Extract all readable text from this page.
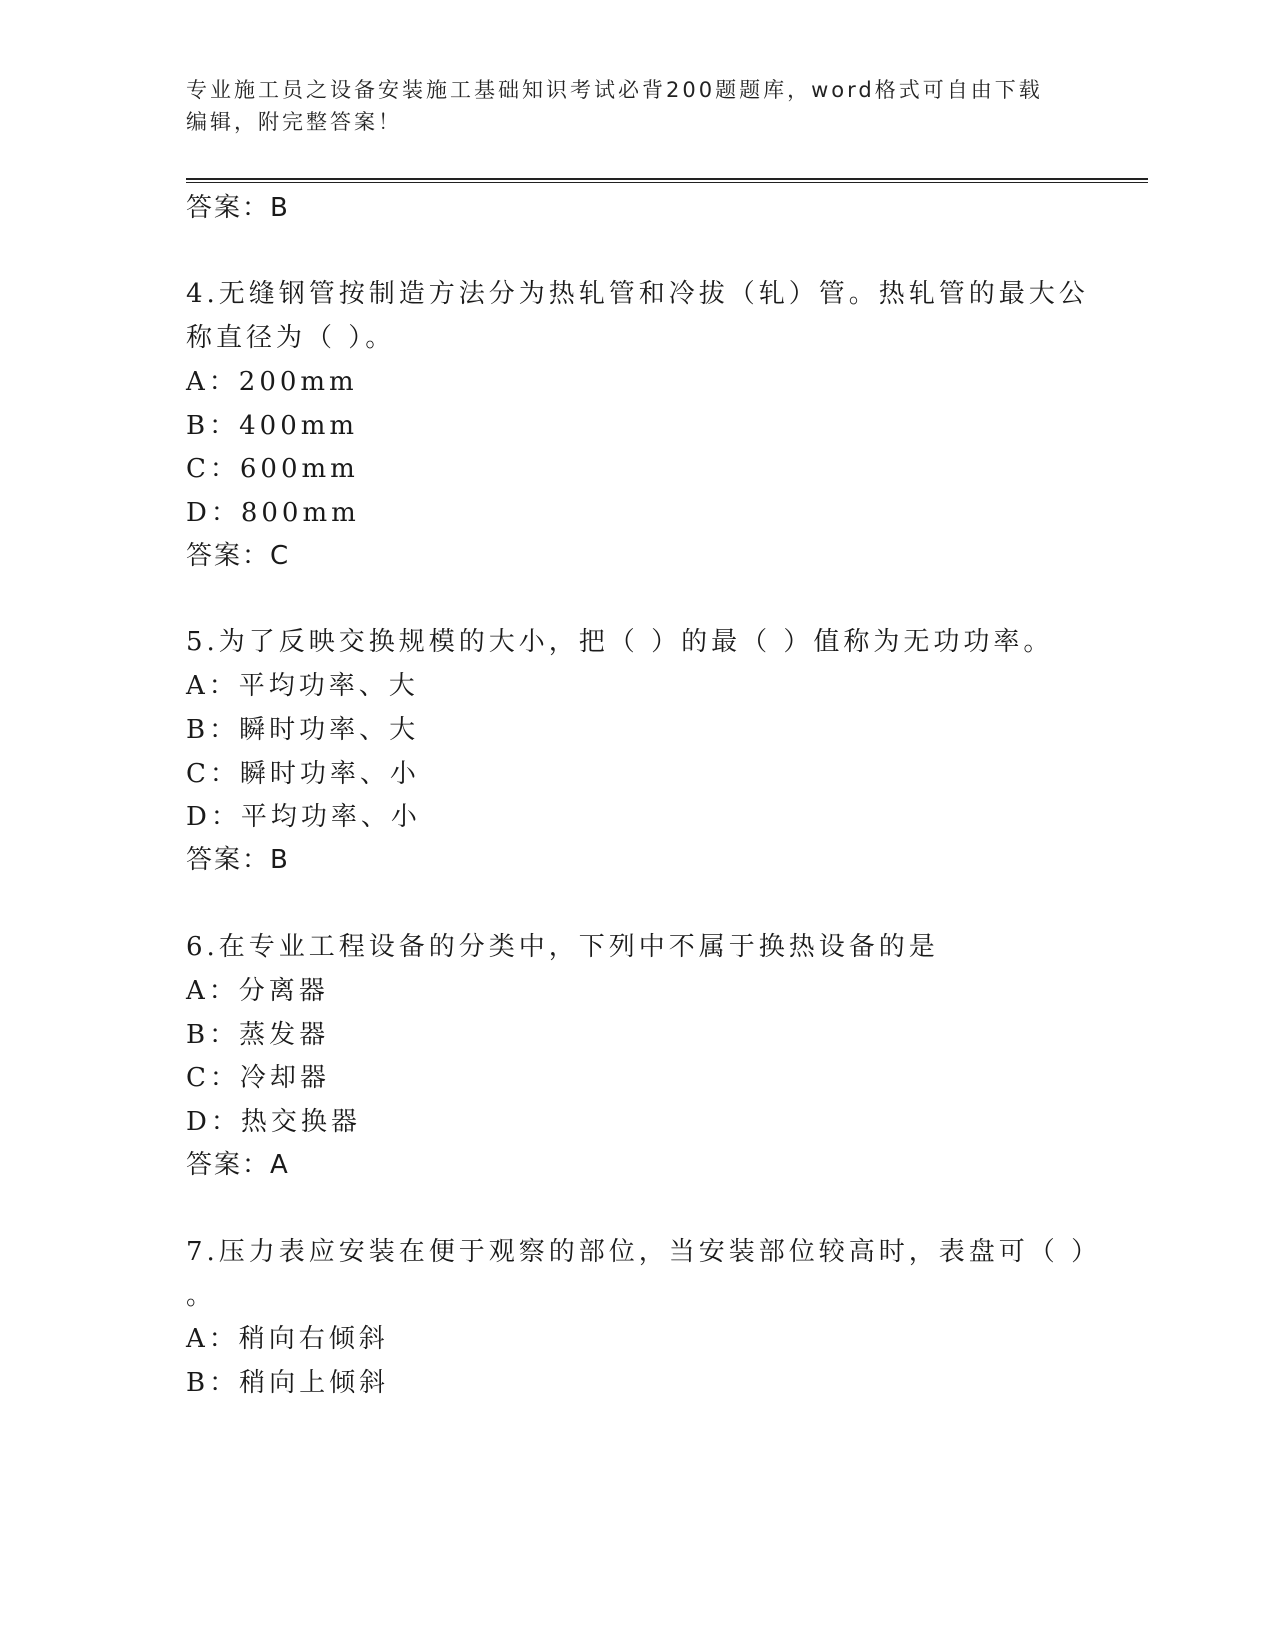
专业施工员之设备安装施工基础知识考试必背200题题库，word格式可自由下载
编辑，附完整答案！
答案：B
4.无缝钢管按制造方法分为热轧管和冷拔（轧）管。热轧管的最大公
称直径为（ ）。
A：200mm
B：400mm
C：600mm
D：800mm
答案：C
5.为了反映交换规模的大小，把（ ）的最（ ）值称为无功功率。
A：平均功率、大
B：瞬时功率、大
C：瞬时功率、小
D：平均功率、小
答案：B
6.在专业工程设备的分类中，下列中不属于换热设备的是
A：分离器
B：蒸发器
C：冷却器
D：热交换器
答案：A
7.压力表应安装在便于观察的部位，当安装部位较高时，表盘可（ ）
。
A：稍向右倾斜
B：稍向上倾斜
